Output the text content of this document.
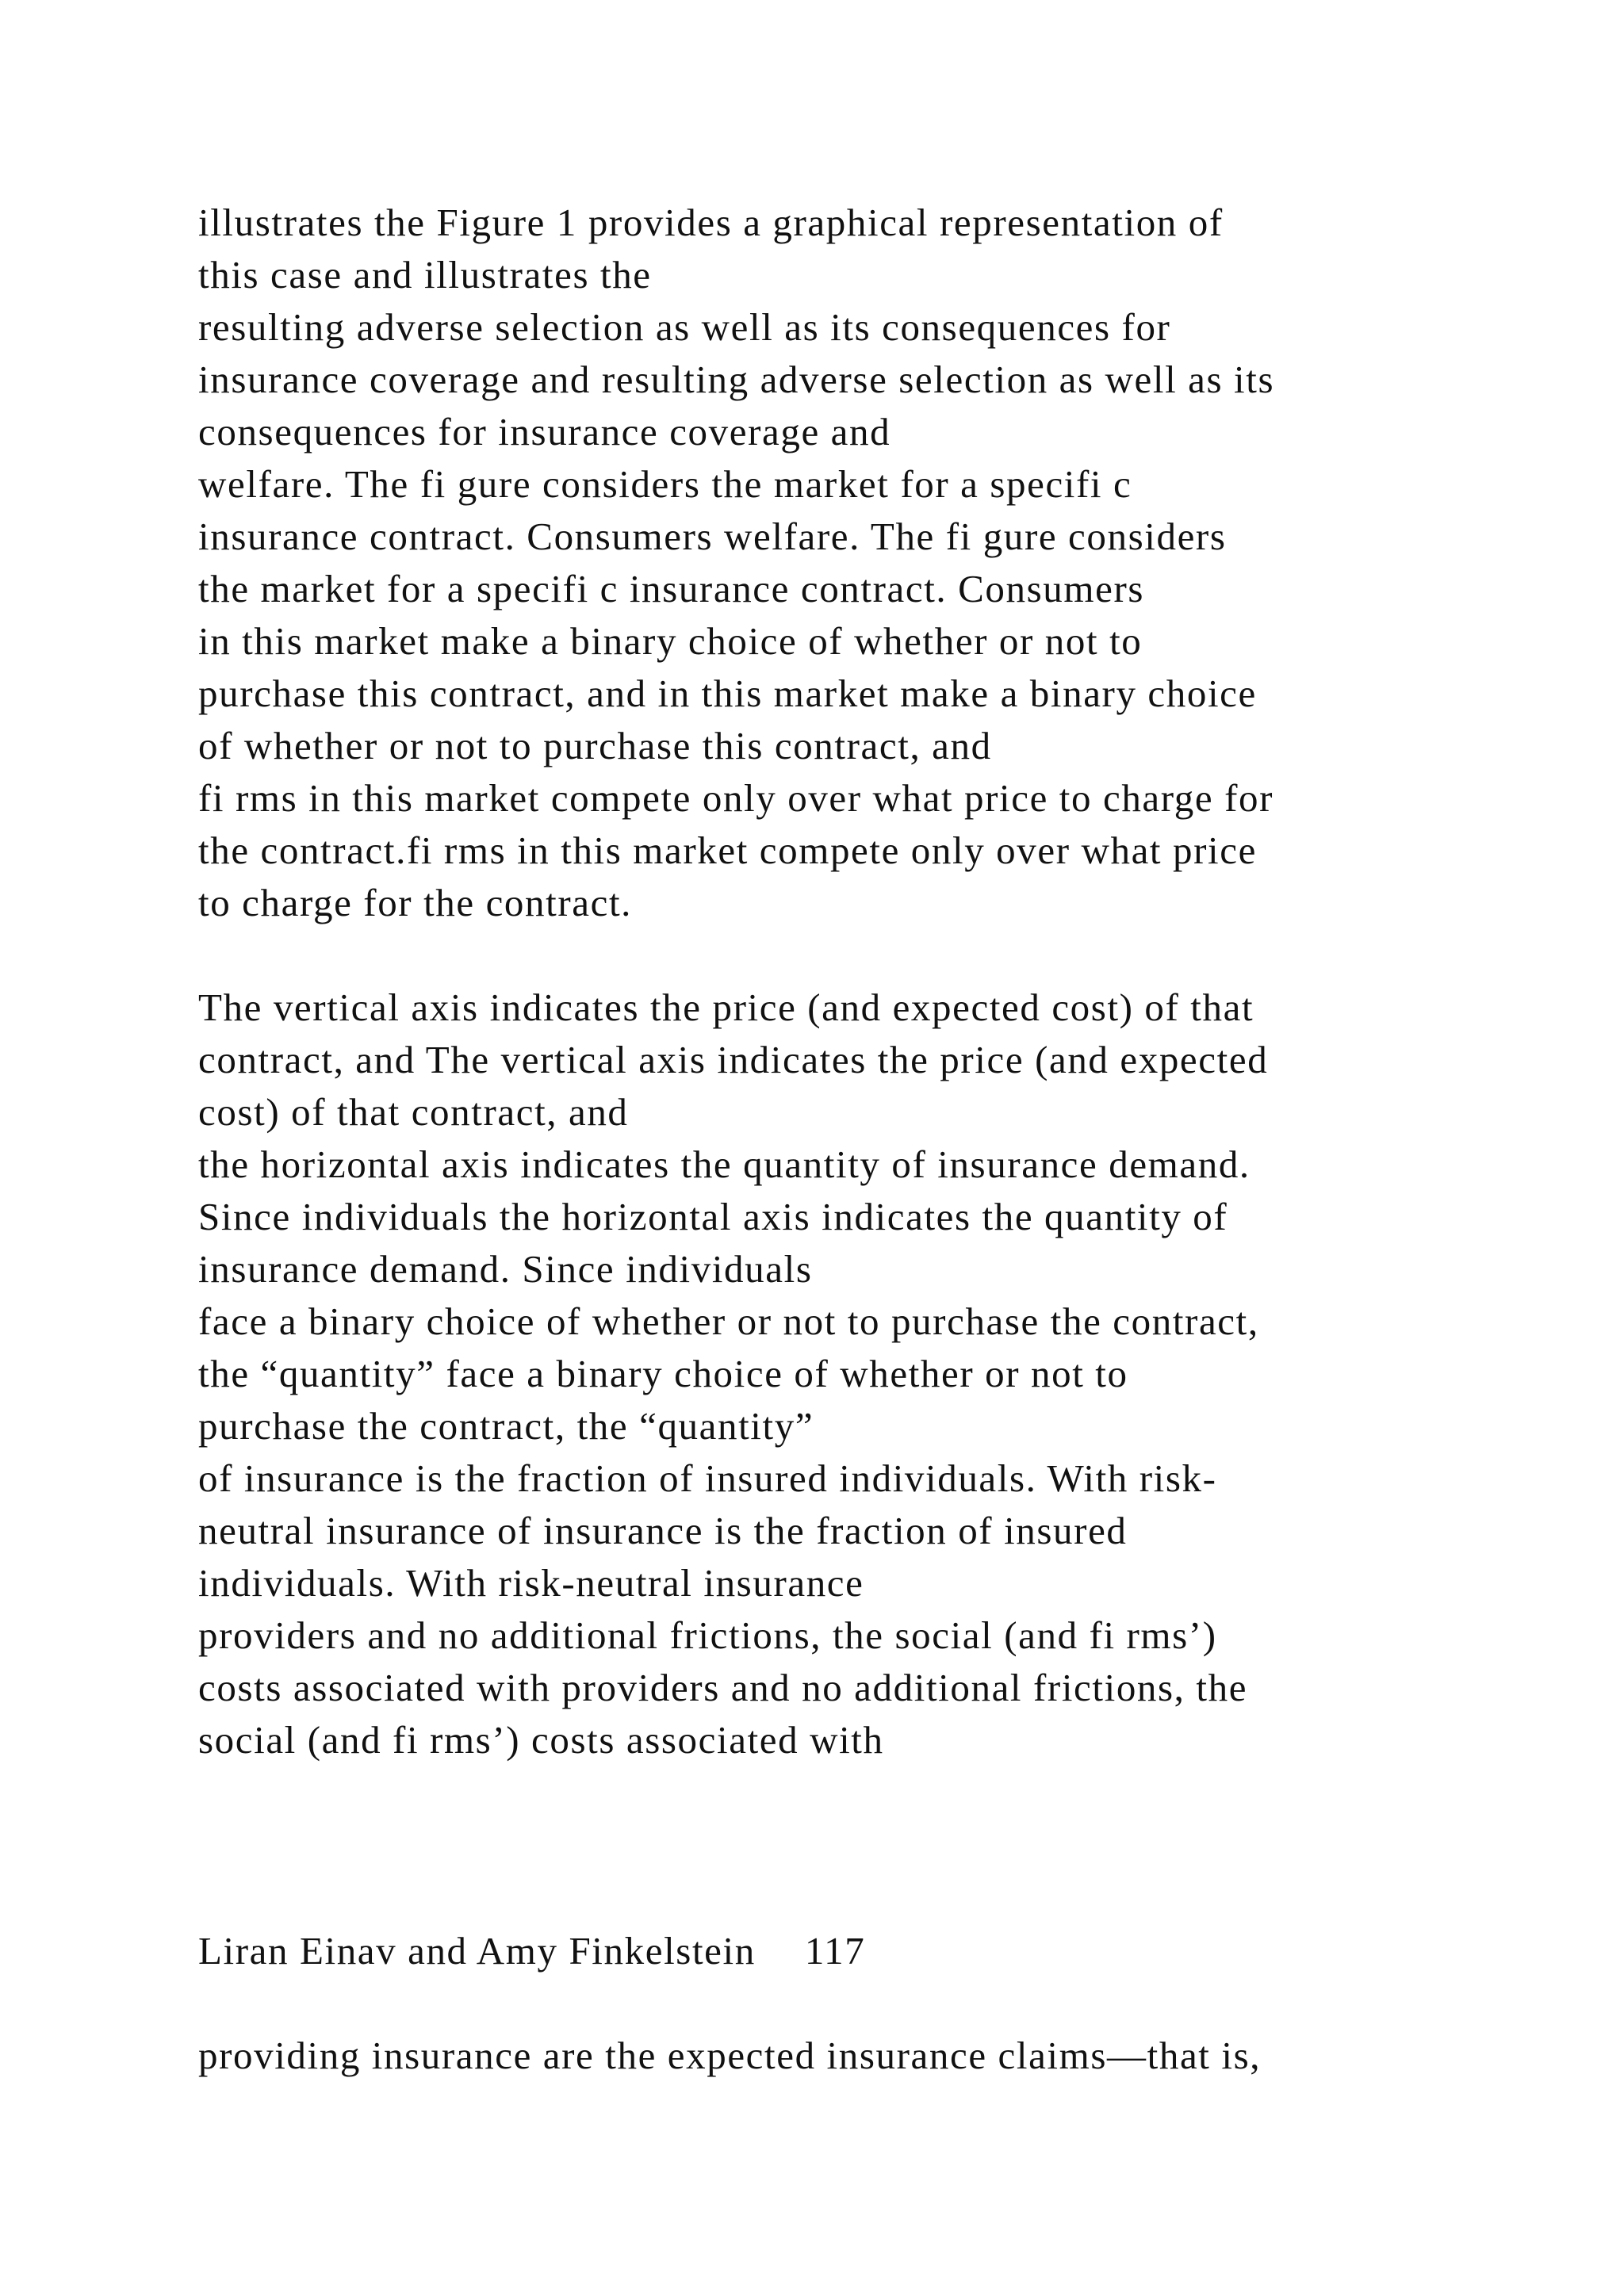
illustrates the Figure 1 provides a graphical representation of
this case and illustrates the
resulting adverse selection as well as its consequences for
insurance coverage and resulting adverse selection as well as its
consequences for insurance coverage and
welfare. The fi gure considers the market for a specifi c
insurance contract. Consumers welfare. The fi gure considers
the market for a specifi c insurance contract. Consumers
in this market make a binary choice of whether or not to
purchase this contract, and in this market make a binary choice
of whether or not to purchase this contract, and
fi rms in this market compete only over what price to charge for
the contract.fi rms in this market compete only over what price
to charge for the contract.
The vertical axis indicates the price (and expected cost) of that
contract, and The vertical axis indicates the price (and expected
cost) of that contract, and
the horizontal axis indicates the quantity of insurance demand.
Since individuals the horizontal axis indicates the quantity of
insurance demand. Since individuals
face a binary choice of whether or not to purchase the contract,
the “quantity” face a binary choice of whether or not to
purchase the contract, the “quantity”
of insurance is the fraction of insured individuals. With risk-
neutral insurance of insurance is the fraction of insured
individuals. With risk-neutral insurance
providers and no additional frictions, the social (and fi rms’)
costs associated with providers and no additional frictions, the
social (and fi rms’) costs associated with
Liran Einav and Amy Finkelstein 117
providing insurance are the expected insurance claims—that is,
